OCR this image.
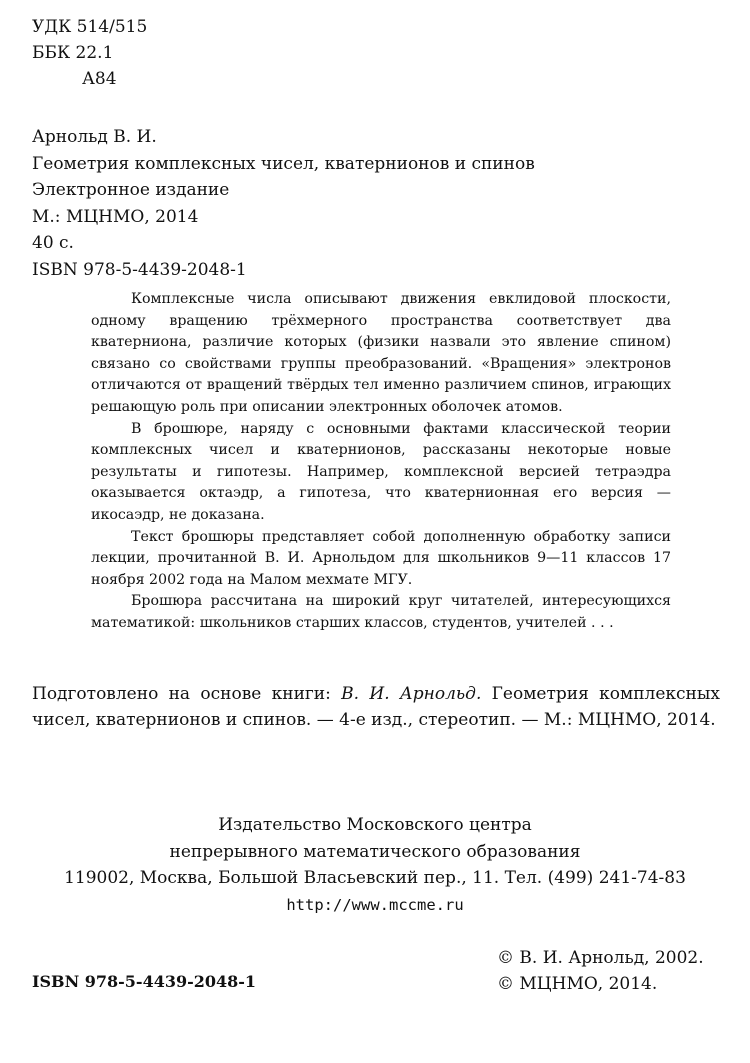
УДК 514/515
ББК 22.1
А84
Арнольд В. И.
Геометрия комплексных чисел, кватернионов и спинов
Электронное издание
М.: МЦНМО, 2014
40 с.
ISBN 978-5-4439-2048-1

Комплексные числа описывают движения евклидовой плоскости, одному вращению трёхмерного пространства соответствует два кватерниона, различие которых (физики назвали это явление спином) связано со свойствами группы преобразований. «Вращения» электронов отличаются от вращений твёрдых тел именно различием спинов, играющих решающую роль при описании электронных оболочек атомов.

В брошюре, наряду с основными фактами классической теории комплексных чисел и кватернионов, рассказаны некоторые новые результаты и гипотезы. Например, комплексной версией тетраэдра оказывается октаэдр, а гипотеза, что кватернионная его версия — икосаэдр, не доказана.

Текст брошюры представляет собой дополненную обработку записи лекции, прочитанной В. И. Арнольдом для школьников 9—11 классов 17 ноября 2002 года на Малом мехмате МГУ.

Брошюра рассчитана на широкий круг читателей, интересующихся математикой: школьников старших классов, студентов, учителей . . .

Подготовлено на основе книги: В. И. Арнольд. Геометрия комплексных чисел, кватернионов и спинов. — 4-е изд., стереотип. — М.: МЦНМО, 2014.
Издательство Московского центра
непрерывного математического образования
119002, Москва, Большой Власьевский пер., 11. Тел. (499) 241-74-83
http://www.mccme.ru
ISBN 978-5-4439-2048-1
© В. И. Арнольд, 2002.
© МЦНМО, 2014.
